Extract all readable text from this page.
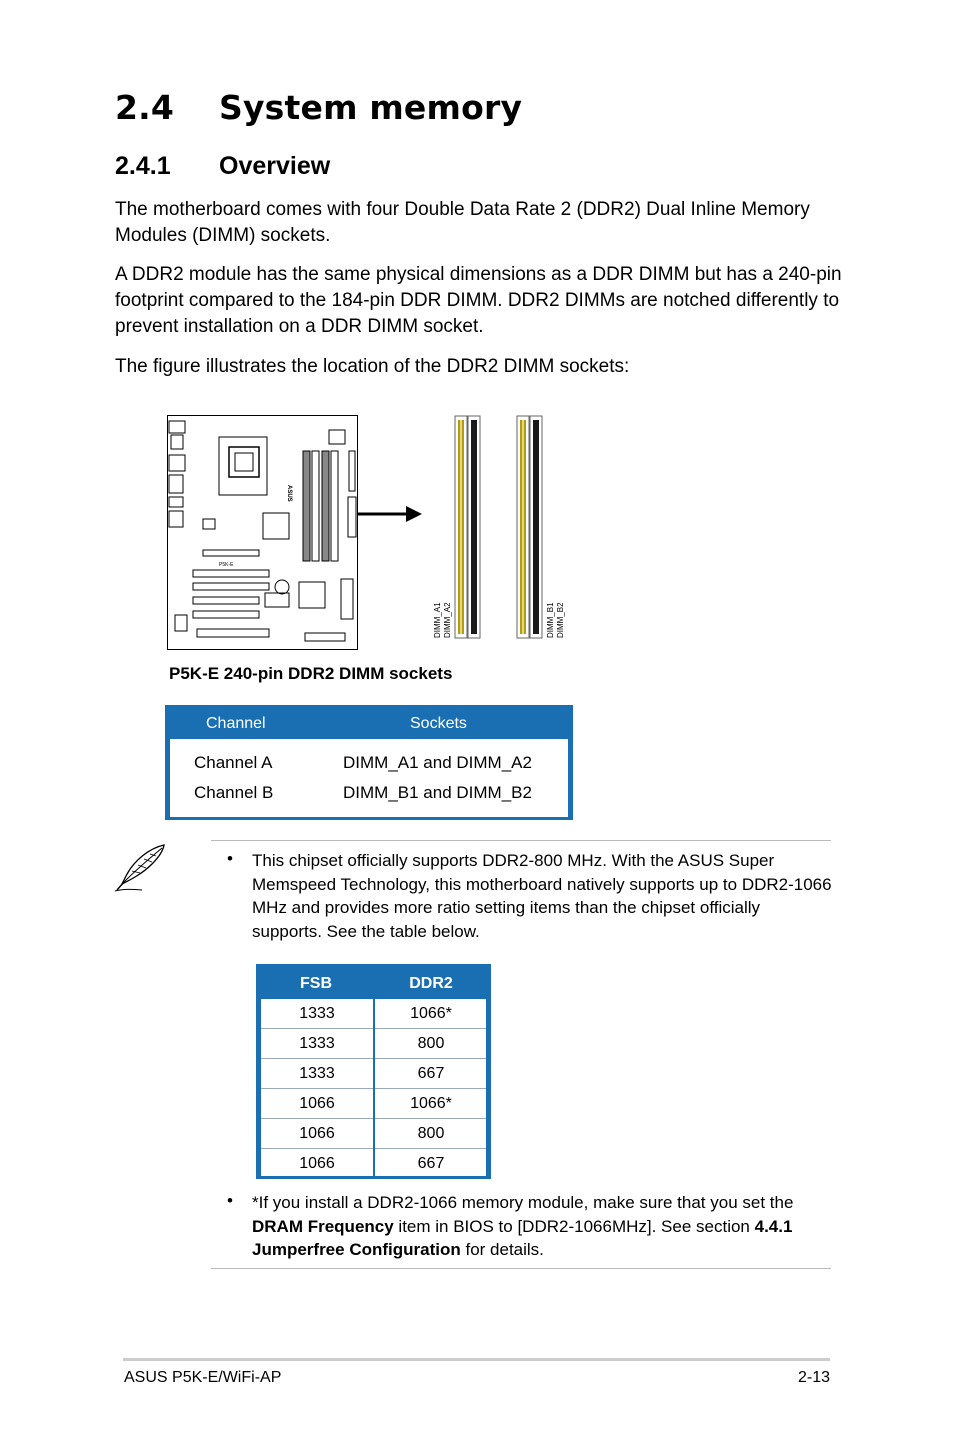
2.4 System memory
2.4.1 Overview
The motherboard comes with four Double Data Rate 2 (DDR2) Dual Inline Memory Modules (DIMM) sockets.
A DDR2 module has the same physical dimensions as a DDR DIMM but has a 240-pin footprint compared to the 184-pin DDR DIMM. DDR2 DIMMs are notched differently to prevent installation on a DDR DIMM socket.
The figure illustrates the location of the DDR2 DIMM sockets:
P5K-E
ASUS
DIMM_A1 DIMM_A2	DIMM_B1 DIMM_B2
P5K-E 240-pin DDR2 DIMM sockets
Channel	Sockets
Channel A	DIMM_A1 and DIMM_A2
Channel B	DIMM_B1 and DIMM_B2
• This chipset officially supports DDR2-800 MHz. With the ASUS Super Memspeed Technology, this motherboard natively supports up to DDR2-1066 MHz and provides more ratio setting items than the chipset officially supports. See the table below.
FSB	DDR2
1333	1066*
1333	800
1333	667
1066	1066*
1066	800
1066	667
• *If you install a DDR2-1066 memory module, make sure that you set the DRAM Frequency item in BIOS to [DDR2-1066MHz]. See section 4.4.1 Jumperfree Configuration for details.
ASUS P5K-E/WiFi-AP	2-13
